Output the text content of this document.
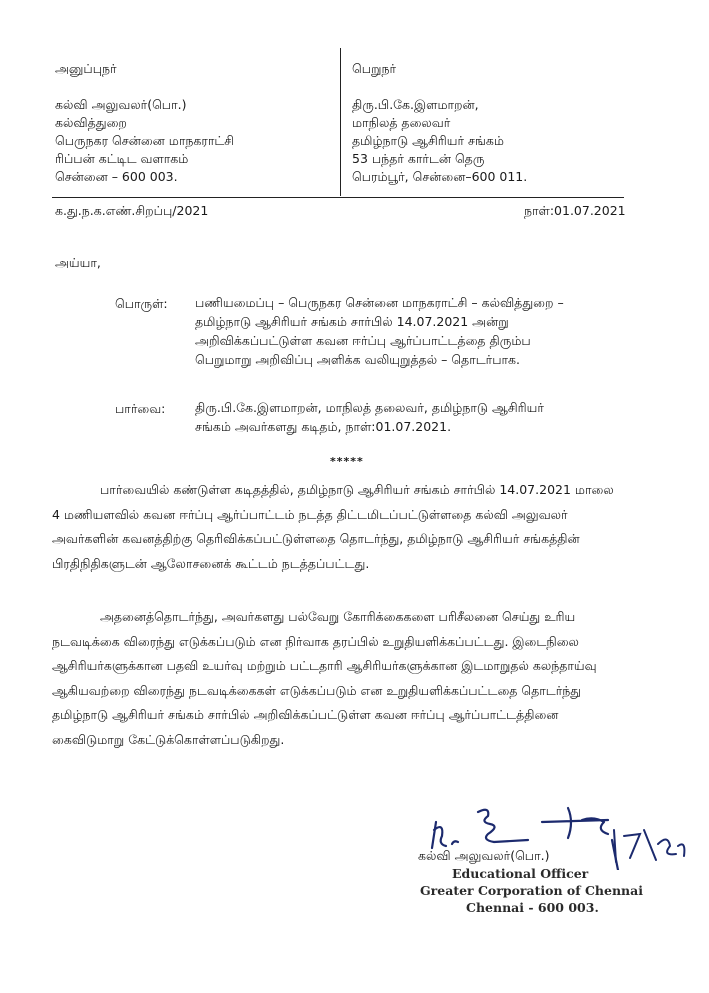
அனுப்புநர்
கல்வி அலுவலர்(பொ.)
கல்வித்துறை
பெருநகர சென்னை மாநகராட்சி
ரிப்பன் கட்டிட வளாகம்
சென்னை – 600 003.
பெறுநர்
திரு.பி.கே.இளமாறன்,
மாநிலத் தலைவர்
தமிழ்நாடு ஆசிரியர் சங்கம்
53 பந்தர் கார்டன் தெரு
பெரம்பூர், சென்னை–600 011.
க.து.ந.க.எண்.சிறப்பு/2021	நாள்:01.07.2021
அய்யா,
பொருள்: பணியமைப்பு – பெருநகர சென்னை மாநகராட்சி – கல்வித்துறை –
தமிழ்நாடு ஆசிரியர் சங்கம் சார்பில் 14.07.2021 அன்று
அறிவிக்கப்பட்டுள்ள கவன ஈர்ப்பு ஆர்ப்பாட்டத்தை திரும்ப
பெறுமாறு அறிவிப்பு அளிக்க வலியுறுத்தல் – தொடர்பாக.
பார்வை: திரு.பி.கே.இளமாறன், மாநிலத் தலைவர், தமிழ்நாடு ஆசிரியர்
சங்கம் அவர்களது கடிதம், நாள்:01.07.2021.
*****
பார்வையில் கண்டுள்ள கடிதத்தில், தமிழ்நாடு ஆசிரியர் சங்கம் சார்பில் 14.07.2021 மாலை
4 மணியளவில் கவன ஈர்ப்பு ஆர்ப்பாட்டம் நடத்த திட்டமிடப்பட்டுள்ளதை கல்வி அலுவலர்
அவர்களின் கவனத்திற்கு தெரிவிக்கப்பட்டுள்ளதை தொடர்ந்து, தமிழ்நாடு ஆசிரியர் சங்கத்தின்
பிரதிநிதிகளுடன் ஆலோசனைக் கூட்டம் நடத்தப்பட்டது.
அதனைத்தொடர்ந்து, அவர்களது பல்வேறு கோரிக்கைகளை பரிசீலனை செய்து உரிய
நடவடிக்கை விரைந்து எடுக்கப்படும் என நிர்வாக தரப்பில் உறுதியளிக்கப்பட்டது. இடைநிலை
ஆசிரியர்களுக்கான பதவி உயர்வு மற்றும் பட்டதாரி ஆசிரியர்களுக்கான இடமாறுதல் கலந்தாய்வு
ஆகியவற்றை விரைந்து நடவடிக்கைகள் எடுக்கப்படும் என உறுதியளிக்கப்பட்டதை தொடர்ந்து
தமிழ்நாடு ஆசிரியர் சங்கம் சார்பில் அறிவிக்கப்பட்டுள்ள கவன ஈர்ப்பு ஆர்ப்பாட்டத்தினை
கைவிடுமாறு கேட்டுக்கொள்ளப்படுகிறது.
கல்வி அலுவலர்(பொ.)
Educational Officer
Greater Corporation of Chennai
Chennai - 600 003.
